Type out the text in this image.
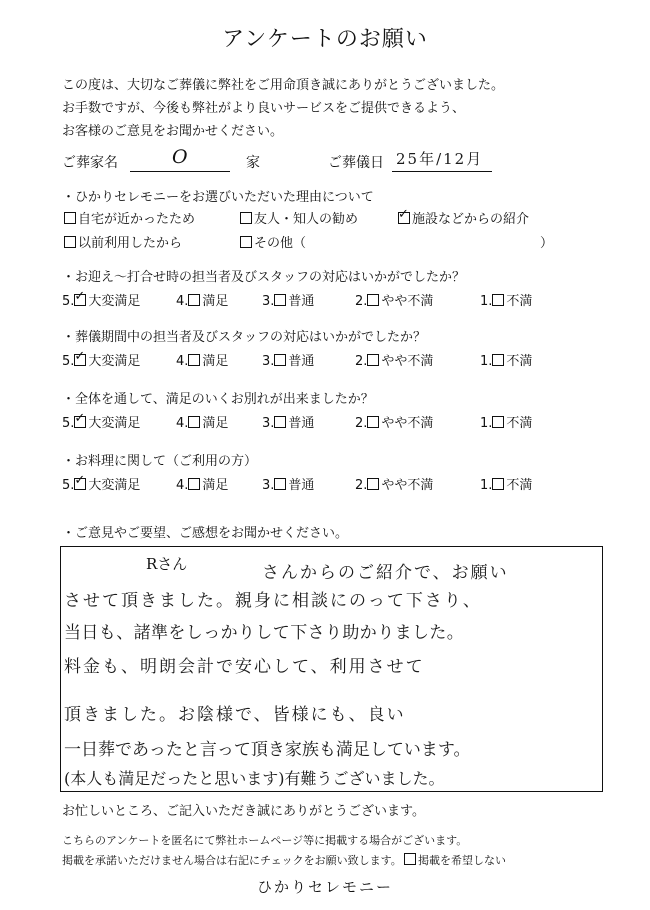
アンケートのお願い
この度は、大切なご葬儀に弊社をご用命頂き誠にありがとうございました。
お手数ですが、今後も弊社がより良いサービスをご提供できるよう、
お客様のご意見をお聞かせください。
ご葬家名	O	家	ご葬儀日 25年/12月
・ひかりセレモニーをお選びいただいた理由について
自宅が近かったため	友人・知人の勧め ✓	施設などからの紹介
以前利用したから	その他（	）
・お迎え～打合せ時の担当者及びスタッフの対応はいかがでしたか？
5. ✓ 大変満足	4. 満足	3. 普通	2. やや不満	1. 不満
・葬儀期間中の担当者及びスタッフの対応はいかがでしたか？
5. ✓ 大変満足	4. 満足	3. 普通	2. やや不満	1. 不満
・全体を通して、満足のいくお別れが出来ましたか？
5. ✓ 大変満足	4. 満足	3. 普通	2. やや不満	1. 不満
・お料理に関して（ご利用の方）
5. ✓ 大変満足	4. 満足	3. 普通	2. やや不満	1. 不満
・ご意見やご要望、ご感想をお聞かせください。
Rさん	さんからのご紹介で、お願い
させて頂きました。親身に相談にのって下さり、
当日も、諸準をしっかりして下さり助かりました。
料金も、明朗会計で安心して、利用させて
頂きました。お陰様で、皆様にも、良い
一日葬であったと言って頂き家族も満足しています。
(本人も満足だったと思います)有難うございました。
お忙しいところ、ご記入いただき誠にありがとうございます。
こちらのアンケートを匿名にて弊社ホームページ等に掲載する場合がございます。
掲載を承諾いただけません場合は右記にチェックをお願い致します。	掲載を希望しない
ひかりセレモニー
